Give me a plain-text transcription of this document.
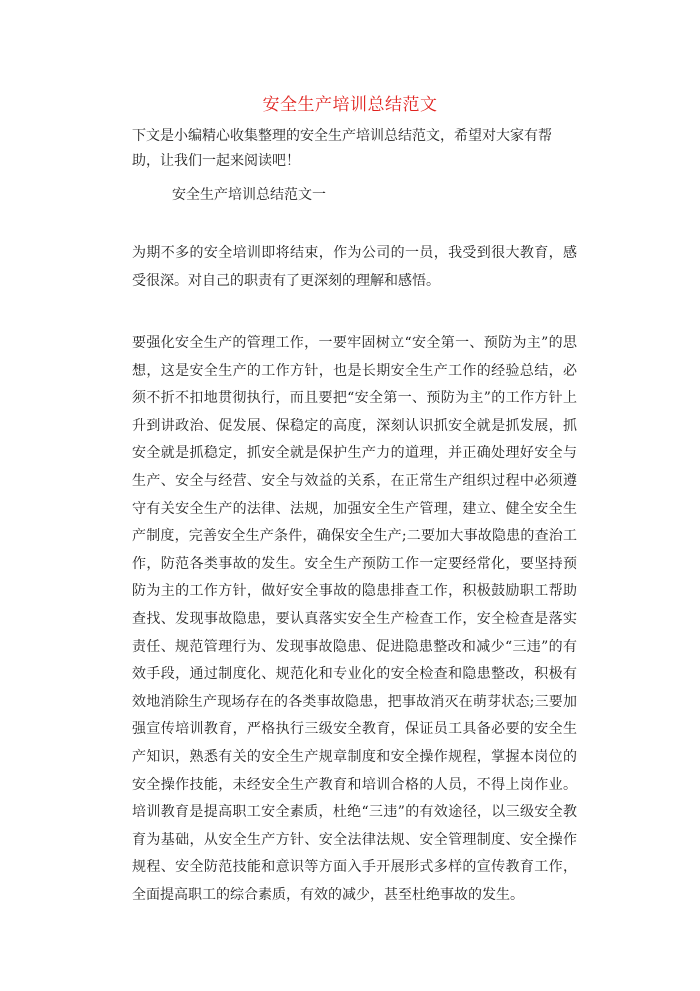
安全生产培训总结范文
下文是小编精心收集整理的安全生产培训总结范文，希望对大家有帮助，让我们一起来阅读吧！
安全生产培训总结范文一
为期不多的安全培训即将结束，作为公司的一员，我受到很大教育，感受很深。对自己的职责有了更深刻的理解和感悟。
要强化安全生产的管理工作，一要牢固树立“安全第一、预防为主”的思想，这是安全生产的工作方针，也是长期安全生产工作的经验总结，必须不折不扣地贯彻执行，而且要把“安全第一、预防为主”的工作方针上升到讲政治、促发展、保稳定的高度，深刻认识抓安全就是抓发展，抓安全就是抓稳定，抓安全就是保护生产力的道理，并正确处理好安全与生产、安全与经营、安全与效益的关系，在正常生产组织过程中必须遵守有关安全生产的法律、法规，加强安全生产管理，建立、健全安全生产制度，完善安全生产条件，确保安全生产;二要加大事故隐患的查治工作，防范各类事故的发生。安全生产预防工作一定要经常化，要坚持预防为主的工作方针，做好安全事故的隐患排查工作，积极鼓励职工帮助查找、发现事故隐患，要认真落实安全生产检查工作，安全检查是落实责任、规范管理行为、发现事故隐患、促进隐患整改和减少“三违”的有效手段，通过制度化、规范化和专业化的安全检查和隐患整改，积极有效地消除生产现场存在的各类事故隐患，把事故消灭在萌芽状态;三要加强宣传培训教育，严格执行三级安全教育，保证员工具备必要的安全生产知识，熟悉有关的安全生产规章制度和安全操作规程，掌握本岗位的安全操作技能，未经安全生产教育和培训合格的人员，不得上岗作业。培训教育是提高职工安全素质，杜绝“三违”的有效途径，以三级安全教育为基础，从安全生产方针、安全法律法规、安全管理制度、安全操作规程、安全防范技能和意识等方面入手开展形式多样的宣传教育工作，全面提高职工的综合素质，有效的减少，甚至杜绝事故的发生。
